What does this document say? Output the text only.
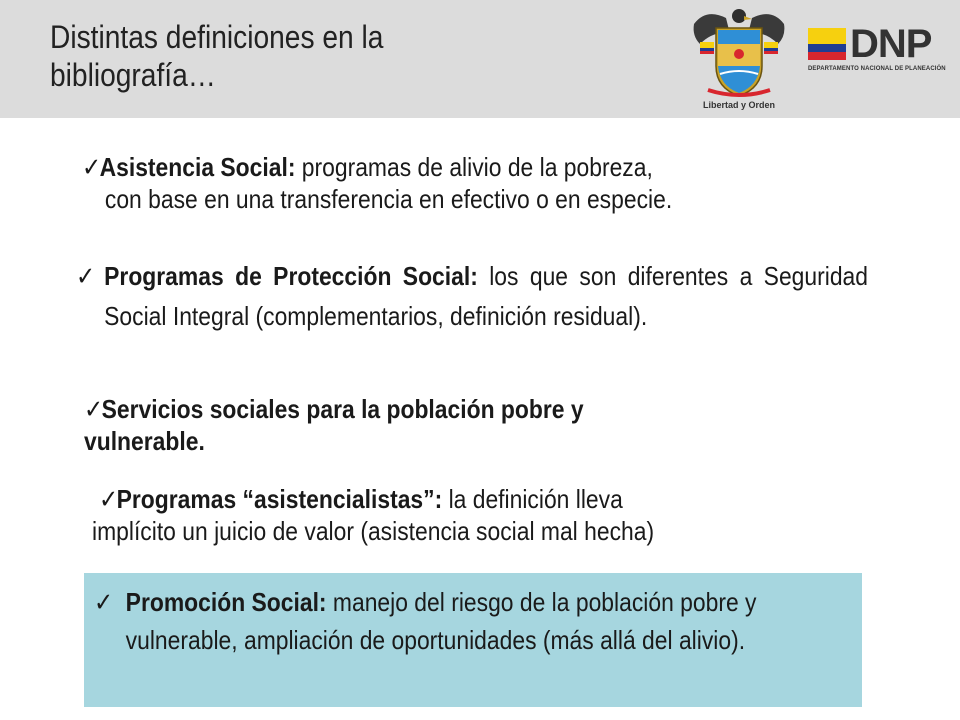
Distintas definiciones en la
bibliografía…
Libertad y Orden
DNP
DEPARTAMENTO NACIONAL DE PLANEACIÓN
✓Asistencia Social: programas de alivio de la pobreza,
con base en una transferencia en efectivo o en especie.
✓ Programas de Protección Social: los que son diferentes a Seguridad Social Integral (complementarios, definición residual).
✓Servicios sociales para la población pobre y
vulnerable.
✓Programas “asistencialistas”: la definición lleva
implícito un juicio de valor (asistencia social mal hecha)
✓ Promoción Social: manejo del riesgo de la población pobre y vulnerable, ampliación de oportunidades (más allá del alivio).
